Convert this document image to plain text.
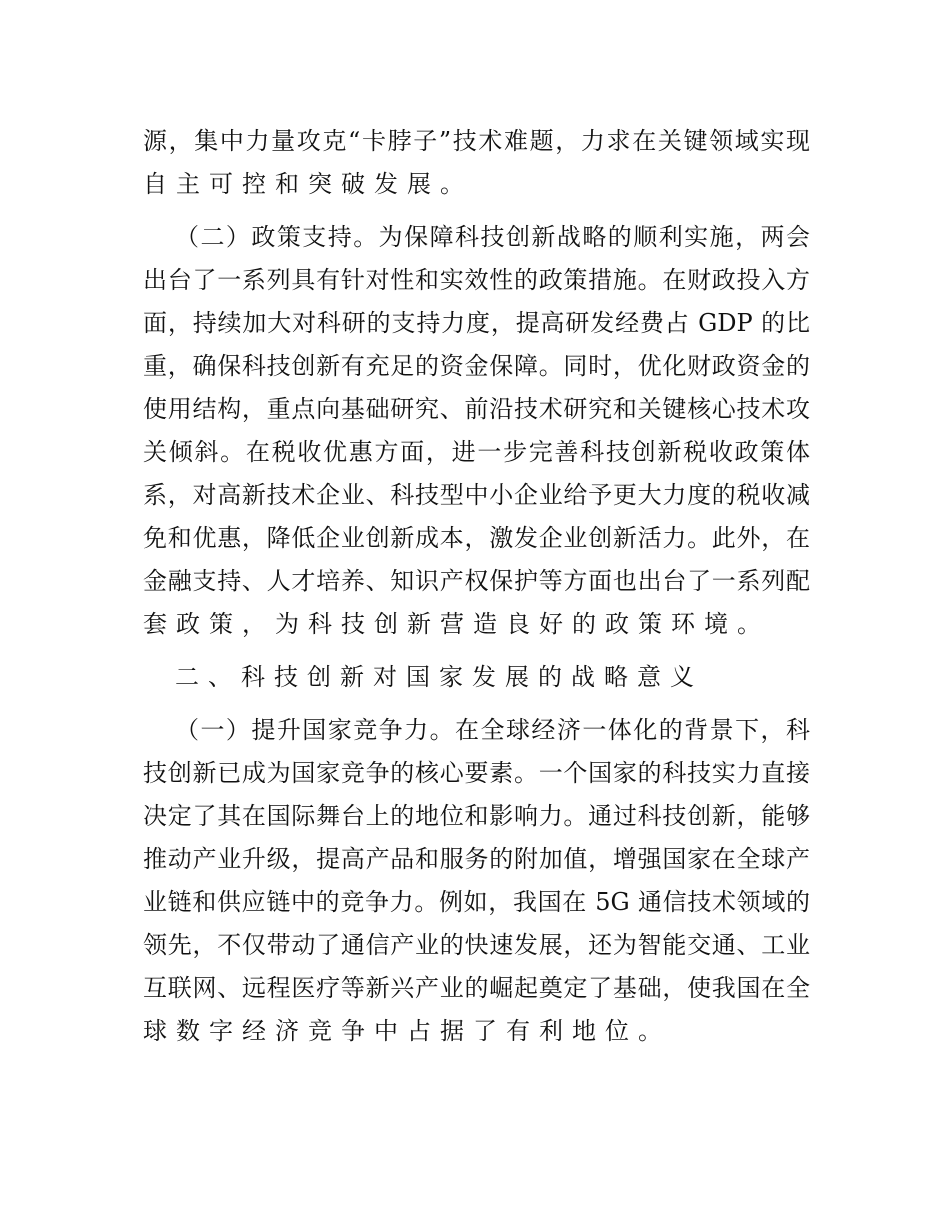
源，集中力量攻克“卡脖子”技术难题，力求在关键领域实现
自主可控和突破发展。
（二）政策支持。为保障科技创新战略的顺利实施，两会
出台了一系列具有针对性和实效性的政策措施。在财政投入方
面，持续加大对科研的支持力度，提高研发经费占 GDP 的比
重，确保科技创新有充足的资金保障。同时，优化财政资金的
使用结构，重点向基础研究、前沿技术研究和关键核心技术攻
关倾斜。在税收优惠方面，进一步完善科技创新税收政策体
系，对高新技术企业、科技型中小企业给予更大力度的税收减
免和优惠，降低企业创新成本，激发企业创新活力。此外，在
金融支持、人才培养、知识产权保护等方面也出台了一系列配
套政策，为科技创新营造良好的政策环境。
二、科技创新对国家发展的战略意义
（一）提升国家竞争力。在全球经济一体化的背景下，科
技创新已成为国家竞争的核心要素。一个国家的科技实力直接
决定了其在国际舞台上的地位和影响力。通过科技创新，能够
推动产业升级，提高产品和服务的附加值，增强国家在全球产
业链和供应链中的竞争力。例如，我国在 5G 通信技术领域的
领先，不仅带动了通信产业的快速发展，还为智能交通、工业
互联网、远程医疗等新兴产业的崛起奠定了基础，使我国在全
球数字经济竞争中占据了有利地位。
